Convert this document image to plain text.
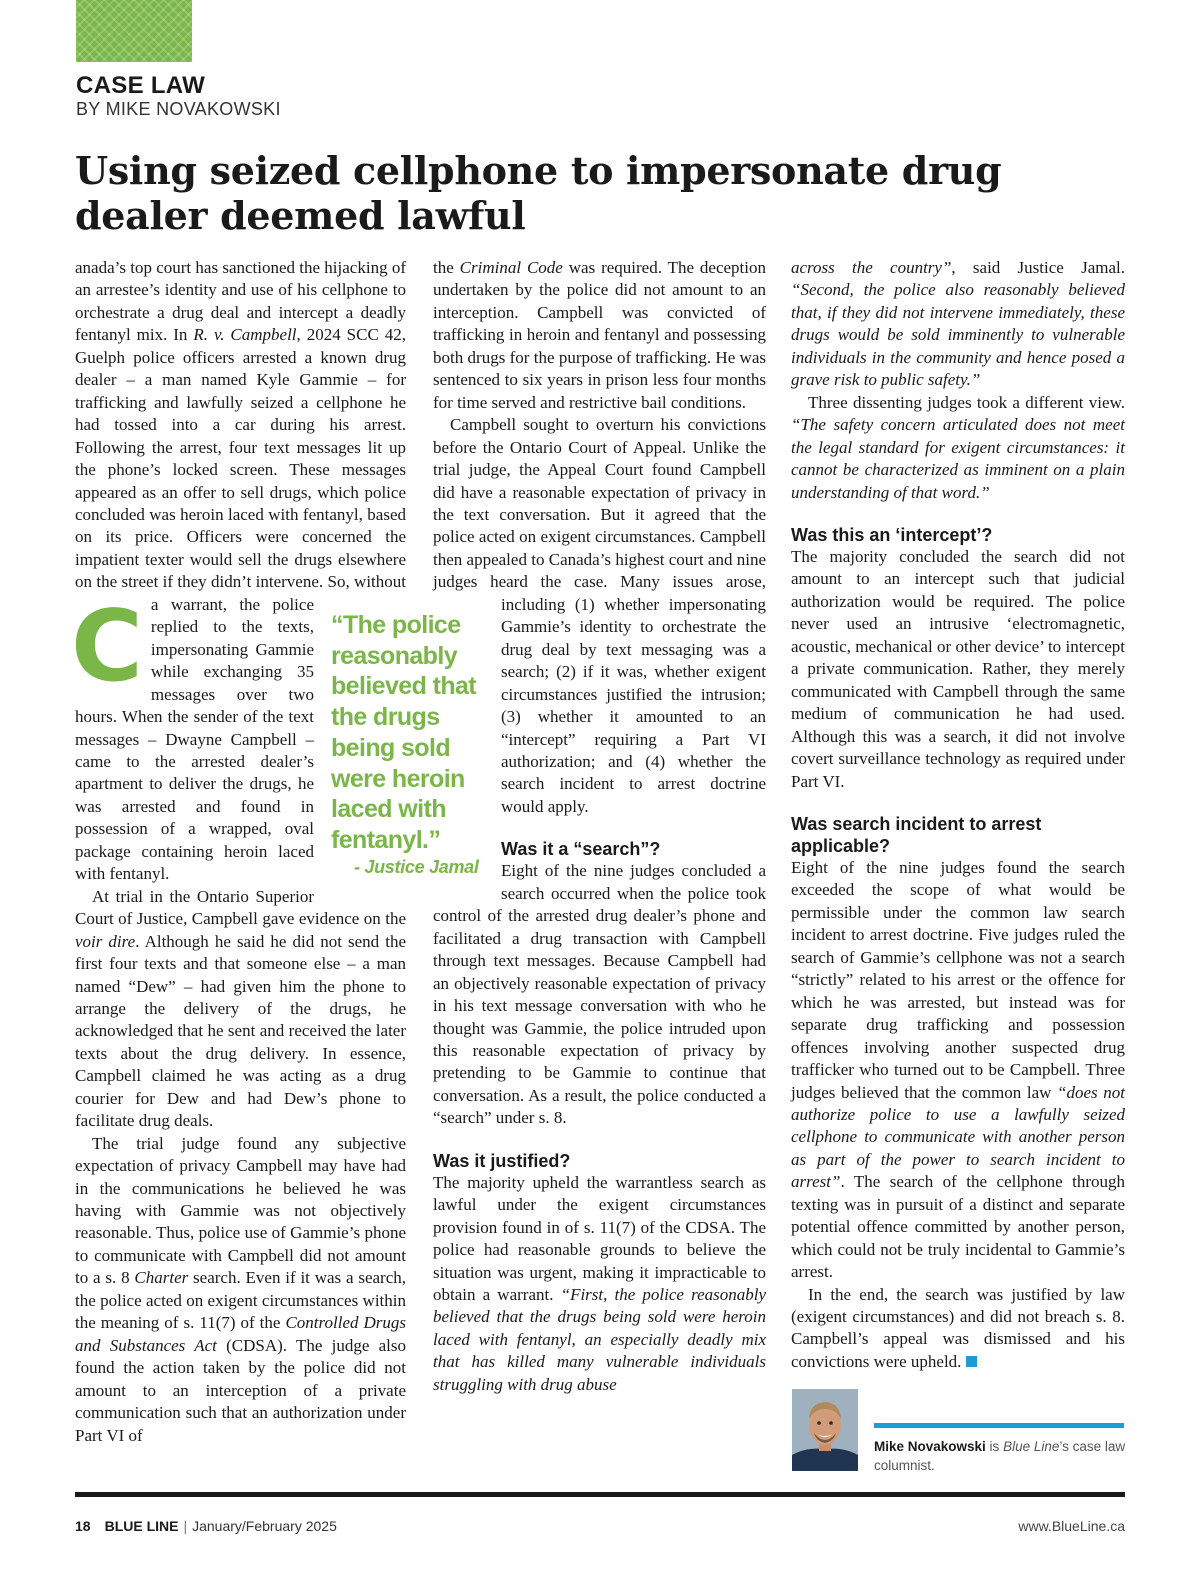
CASE LAW
BY MIKE NOVAKOWSKI
Using seized cellphone to impersonate drug dealer deemed lawful

C
anada’s top court has sanctioned the hijacking of an arrestee’s identity and use of his cellphone to orchestrate a drug deal and intercept a deadly fentanyl mix. In R. v. Campbell, 2024 SCC 42, Guelph police officers arrested a known drug dealer – a man named Kyle Gammie – for trafficking and lawfully seized a cellphone he had tossed into a car during his arrest. Following the arrest, four text messages lit up the phone’s locked screen. These messages appeared as an offer to sell drugs, which police concluded was heroin laced with fentanyl, based on its price. Officers were concerned the impatient texter would sell the drugs elsewhere on the street if they didn’t intervene. So, without a warrant, the police replied to the texts, impersonating Gammie while exchanging 35 messages over two hours. When the sender of the text messages – Dwayne Campbell – came to the arrested dealer’s apartment to deliver the drugs, he was arrested and found in possession of a wrapped, oval package containing heroin laced with fentanyl.

At trial in the Ontario Superior Court of Justice, Campbell gave evidence on the voir dire. Although he said he did not send the first four texts and that someone else – a man named “Dew” – had given him the phone to arrange the delivery of the drugs, he acknowledged that he sent and received the later texts about the drug delivery. In essence, Campbell claimed he was acting as a drug courier for Dew and had Dew’s phone to facilitate drug deals.

The trial judge found any subjective expectation of privacy Campbell may have had in the communications he believed he was having with Gammie was not objectively reasonable. Thus, police use of Gammie’s phone to communicate with Campbell did not amount to a s. 8 Charter search. Even if it was a search, the police acted on exigent circumstances within the meaning of s. 11(7) of the Controlled Drugs and Substances Act (CDSA). The judge also found the action taken by the police did not amount to an interception of a private communication such that an authorization under Part VI of

“The police reasonably believed that the drugs being sold were heroin laced with fentanyl.”
- Justice Jamal

the Criminal Code was required. The deception undertaken by the police did not amount to an interception. Campbell was convicted of trafficking in heroin and fentanyl and possessing both drugs for the purpose of trafficking. He was sentenced to six years in prison less four months for time served and restrictive bail conditions.

Campbell sought to overturn his convictions before the Ontario Court of Appeal. Unlike the trial judge, the Appeal Court found Campbell did have a reasonable expectation of privacy in the text conversation. But it agreed that the police acted on exigent circumstances. Campbell then appealed to Canada’s highest court and nine judges heard the case. Many issues arose, including (1) whether impersonating Gammie’s identity to orchestrate the drug deal by text messaging was a search; (2) if it was, whether exigent circumstances justified the intrusion; (3) whether it amounted to an “intercept” requiring a Part VI authorization; and (4) whether the search incident to arrest doctrine would apply.

Was it a “search”?

Eight of the nine judges concluded a search occurred when the police took control of the arrested drug dealer’s phone and facilitated a drug transaction with Campbell through text messages. Because Campbell had an objectively reasonable expectation of privacy in his text message conversation with who he thought was Gammie, the police intruded upon this reasonable expectation of privacy by pretending to be Gammie to continue that conversation. As a result, the police conducted a “search” under s. 8.

Was it justified?

The majority upheld the warrantless search as lawful under the exigent circumstances provision found in of s. 11(7) of the CDSA. The police had reasonable grounds to believe the situation was urgent, making it impracticable to obtain a warrant. “First, the police reasonably believed that the drugs being sold were heroin laced with fentanyl, an especially deadly mix that has killed many vulnerable individuals struggling with drug abuse

across the country”, said Justice Jamal. “Second, the police also reasonably believed that, if they did not intervene immediately, these drugs would be sold imminently to vulnerable individuals in the community and hence posed a grave risk to public safety.”

Three dissenting judges took a different view. “The safety concern articulated does not meet the legal standard for exigent circumstances: it cannot be characterized as imminent on a plain understanding of that word.”

Was this an ‘intercept’?

The majority concluded the search did not amount to an intercept such that judicial authorization would be required. The police never used an intrusive ‘electromagnetic, acoustic, mechanical or other device’ to intercept a private communication. Rather, they merely communicated with Campbell through the same medium of communication he had used. Although this was a search, it did not involve covert surveillance technology as required under Part VI.

Was search incident to arrest applicable?

Eight of the nine judges found the search exceeded the scope of what would be permissible under the common law search incident to arrest doctrine. Five judges ruled the search of Gammie’s cellphone was not a search “strictly” related to his arrest or the offence for which he was arrested, but instead was for separate drug trafficking and possession offences involving another suspected drug trafficker who turned out to be Campbell. Three judges believed that the common law “does not authorize police to use a lawfully seized cellphone to communicate with another person as part of the power to search incident to arrest”. The search of the cellphone through texting was in pursuit of a distinct and separate potential offence committed by another person, which could not be truly incidental to Gammie’s arrest.

In the end, the search was justified by law (exigent circumstances) and did not breach s. 8. Campbell’s appeal was dismissed and his convictions were upheld.

Mike Novakowski is Blue Line’s case law columnist.
18 BLUE LINE | January/February 2025	www.BlueLine.ca
